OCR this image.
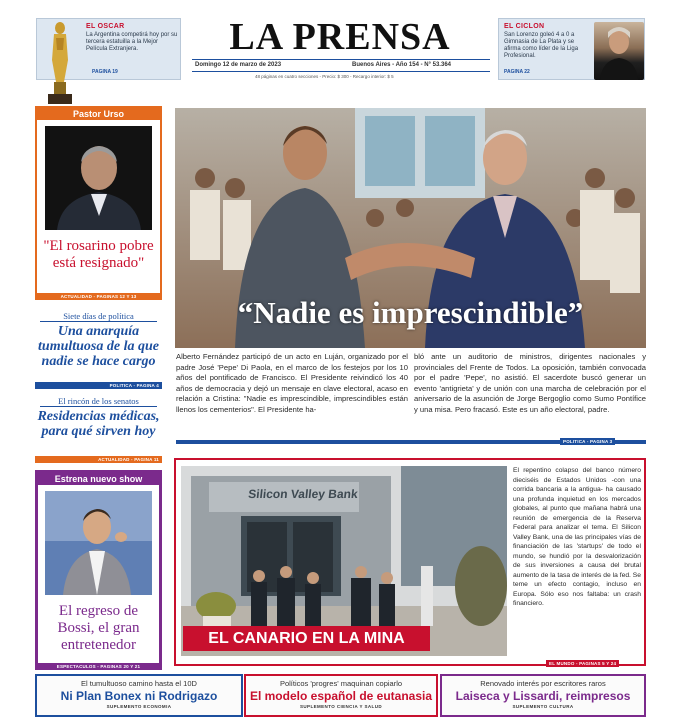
EL OSCAR
La Argentina competirá hoy por su tercera estatuilla a la Mejor Película Extranjera.
PAGINA 19
LA PRENSA
Domingo 12 de marzo de 2023	Buenos Aires - Año 154 - N° 53.364
48 páginas en cuatro secciones - Precio: $ 300 - Recargo interior: $ 5
EL CICLON
San Lorenzo goleó 4 a 0 a Gimnasia de La Plata y se afirma como líder de la Liga Profesional.
PAGINA 22
Pastor Urso
"El rosarino pobre está resignado"
ACTUALIDAD - PAGINAS 12 Y 13
Siete días de política
Una anarquía tumultuosa de la que nadie se hace cargo
POLITICA - PAGINA 4
El rincón de los senatos
Residencias médicas, para qué sirven hoy
ACTUALIDAD - PAGINA 11
Estrena nuevo show
El regreso de Bossi, el gran entretenedor
ESPECTACULOS - PAGINAS 20 Y 21
“Nadie es imprescindible”
Alberto Fernández participó de un acto en Luján, organizado por el padre José 'Pepe' Di Paola, en el marco de los festejos por los 10 años del pontificado de Francisco. El Presidente reivindicó los 40 años de democracia y dejó un mensaje en clave electoral, acaso en relación a Cristina: "Nadie es imprescindible, imprescindibles están llenos los cementerios". El Presidente ha-
bló ante un auditorio de ministros, dirigentes nacionales y provinciales del Frente de Todos. La oposición, también convocada por el padre 'Pepe', no asistió. El sacerdote buscó generar un evento 'antigrieta' y de unión con una marcha de celebración por el aniversario de la asunción de Jorge Bergoglio como Sumo Pontífice y una misa. Pero fracasó. Este es un año electoral, padre.
POLITICA - PAGINA 3
Silicon Valley Bank
EL CANARIO EN LA MINA
El repentino colapso del banco número dieciséis de Estados Unidos -con una corrida bancaria a la antigua- ha causado una profunda inquietud en los mercados globales, al punto que mañana habrá una reunión de emergencia de la Reserva Federal para analizar el tema. El Silicon Valley Bank, una de las principales vías de financiación de las 'startups' de todo el mundo, se hundió por la desvalorización de sus inversiones a causa del brutal aumento de la tasa de interés de la fed. Se teme un efecto contagio, incluso en Europa. Sólo eso nos faltaba: un crash financiero.
EL MUNDO - PAGINAS 5 Y 24
El tumultuoso camino hasta el 10D
Ni Plan Bonex ni Rodrigazo
SUPLEMENTO ECONOMIA
Políticos 'progres' maquinan copiarlo
El modelo español de eutanasia
SUPLEMENTO CIENCIA Y SALUD
Renovado interés por escritores raros
Laiseca y Lissardi, reimpresos
SUPLEMENTO CULTURA
